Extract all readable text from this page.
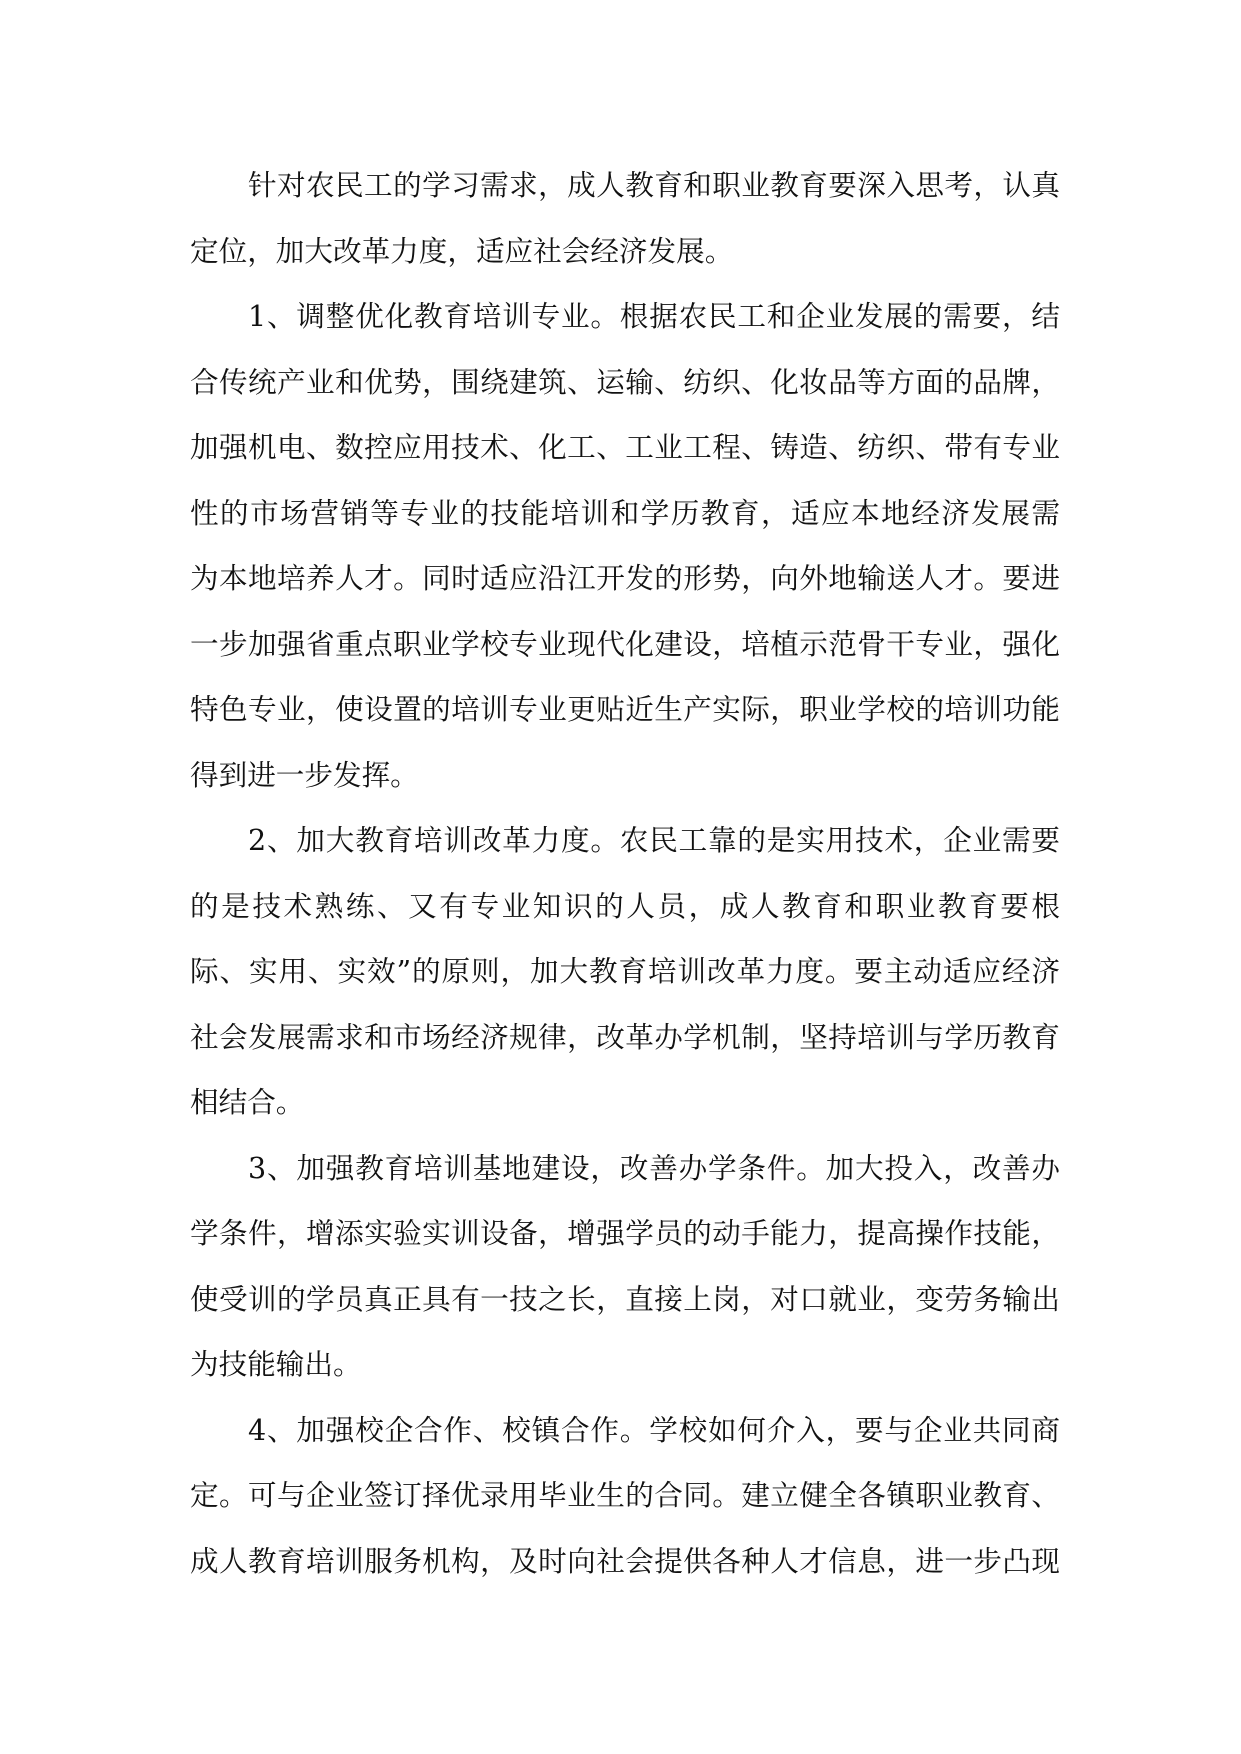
针对农民工的学习需求，成人教育和职业教育要深入思考，认真
定位，加大改革力度，适应社会经济发展。
1、调整优化教育培训专业。根据农民工和企业发展的需要，结
合传统产业和优势，围绕建筑、运输、纺织、化妆品等方面的品牌，
加强机电、数控应用技术、化工、工业工程、铸造、纺织、带有专业
性的市场营销等专业的技能培训和学历教育，适应本地经济发展需
为本地培养人才。同时适应沿江开发的形势，向外地输送人才。要进
一步加强省重点职业学校专业现代化建设，培植示范骨干专业，强化
特色专业，使设置的培训专业更贴近生产实际，职业学校的培训功能
得到进一步发挥。
2、加大教育培训改革力度。农民工靠的是实用技术，企业需要
的是技术熟练、又有专业知识的人员，成人教育和职业教育要根
际、实用、实效”的原则，加大教育培训改革力度。要主动适应经济
社会发展需求和市场经济规律，改革办学机制，坚持培训与学历教育
相结合。
3、加强教育培训基地建设，改善办学条件。加大投入，改善办
学条件，增添实验实训设备，增强学员的动手能力，提高操作技能，
使受训的学员真正具有一技之长，直接上岗，对口就业，变劳务输出
为技能输出。
4、加强校企合作、校镇合作。学校如何介入，要与企业共同商
定。可与企业签订择优录用毕业生的合同。建立健全各镇职业教育、
成人教育培训服务机构，及时向社会提供各种人才信息，进一步凸现
